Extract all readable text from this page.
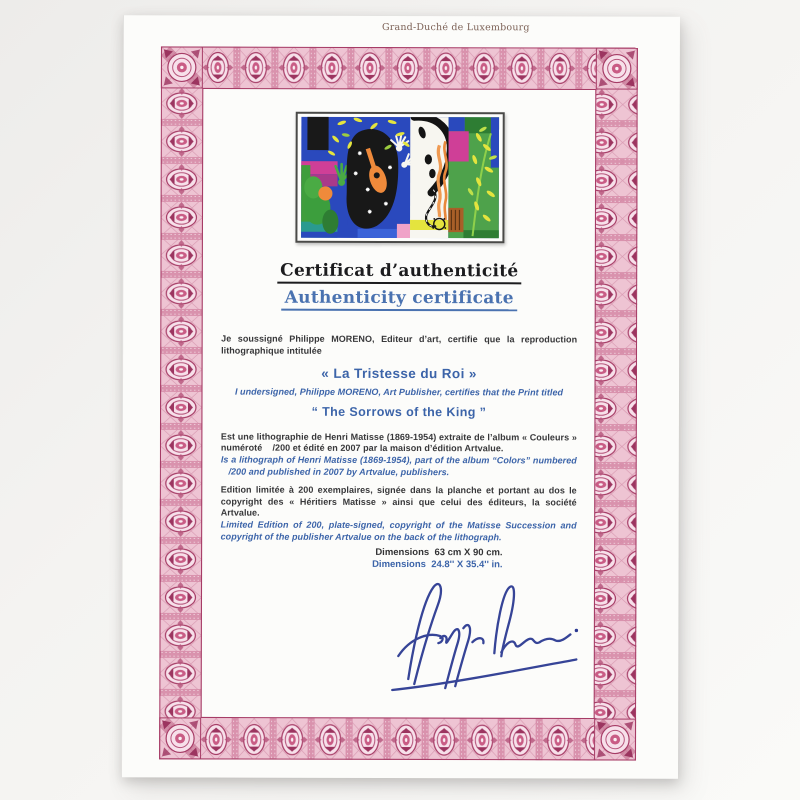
Grand-Duché de Luxembourg
Certificat d’authenticité
Authenticity certificate

Je soussigné Philippe MORENO, Editeur d’art, certifie que la reproduction lithographique intitulée

« La Tristesse du Roi »

I undersigned, Philippe MORENO, Art Publisher, certifies that the Print titled

“ The Sorrows of the King ”

Est une lithographie de Henri Matisse (1869-1954) extraite de l’album « Couleurs » numéroté    /200 et édité en 2007 par la maison d’édition Artvalue.

Is a lithograph of Henri Matisse (1869-1954), part of the album “Colors” numbered    /200 and published in 2007 by Artvalue, publishers.

Edition limitée à 200 exemplaires, signée dans la planche et portant au dos le copyright des « Héritiers Matisse » ainsi que celui des éditeurs, la société Artvalue.

Limited Edition of 200, plate-signed, copyright of the Matisse Succession and copyright of the publisher Artvalue on the back of the lithograph.

Dimensions  63 cm X 90 cm.
Dimensions  24.8'' X 35.4'' in.
